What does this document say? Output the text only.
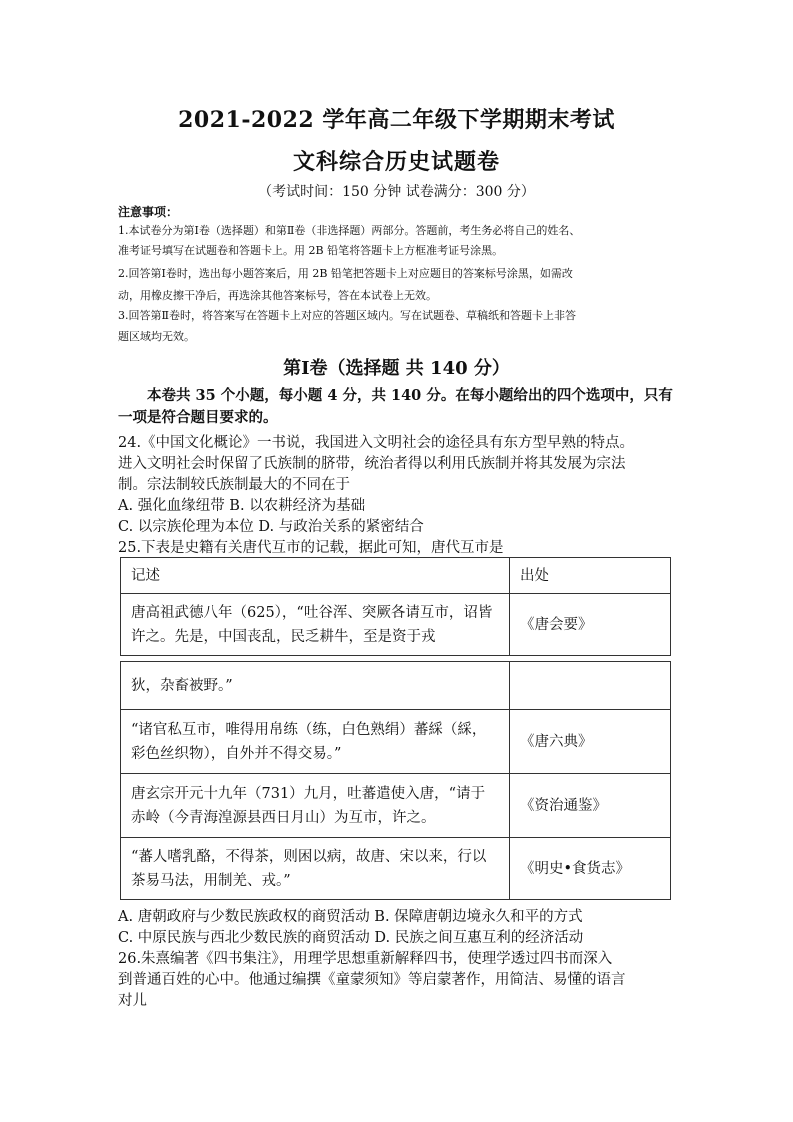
2021-2022 学年高二年级下学期期末考试
文科综合历史试题卷
（考试时间：150 分钟 试卷满分：300 分）
注意事项：
1.本试卷分为第Ⅰ卷（选择题）和第Ⅱ卷（非选择题）两部分。答题前，考生务必将自己的姓名、
准考证号填写在试题卷和答题卡上。用 2B 铅笔将答题卡上方框准考证号涂黑。
2.回答第Ⅰ卷时，选出每小题答案后，用 2B 铅笔把答题卡上对应题目的答案标号涂黑，如需改
动，用橡皮擦干净后，再选涂其他答案标号，答在本试卷上无效。
3.回答第Ⅱ卷时，将答案写在答题卡上对应的答题区域内。写在试题卷、草稿纸和答题卡上非答
题区域均无效。
第Ⅰ卷（选择题 共 140 分）
本卷共 35 个小题，每小题 4 分，共 140 分。在每小题给出的四个选项中，只有一项是符合题目要求的。
24.《中国文化概论》一书说，我国进入文明社会的途径具有东方型早熟的特点。
进入文明社会时保留了氏族制的脐带，统治者得以利用氏族制并将其发展为宗法
制。宗法制较氏族制最大的不同在于
A. 强化血缘纽带 B. 以农耕经济为基础
C. 以宗族伦理为本位 D. 与政治关系的紧密结合
25.下表是史籍有关唐代互市的记载，据此可知，唐代互市是
记述	出处
唐高祖武德八年（625），“吐谷浑、突厥各请互市，诏皆许之。先是，中国丧乱，民乏耕牛，至是资于戎	《唐会要》
狄，杂畜被野。”	
“诸官私互市，唯得用帛练（练，白色熟绢）蕃綵（綵，彩色丝织物），自外并不得交易。”	《唐六典》
唐玄宗开元十九年（731）九月，吐蕃遣使入唐，“请于赤岭（今青海湟源县西日月山）为互市，许之。	《资治通鉴》
“蕃人嗜乳酪，不得茶，则困以病，故唐、宋以来，行以茶易马法，用制羌、戎。”	《明史•食货志》
A. 唐朝政府与少数民族政权的商贸活动 B. 保障唐朝边境永久和平的方式
C. 中原民族与西北少数民族的商贸活动 D. 民族之间互惠互利的经济活动
26.朱熹编著《四书集注》，用理学思想重新解释四书，使理学透过四书而深入
到普通百姓的心中。他通过编撰《童蒙须知》等启蒙著作，用简洁、易懂的语言
对儿
